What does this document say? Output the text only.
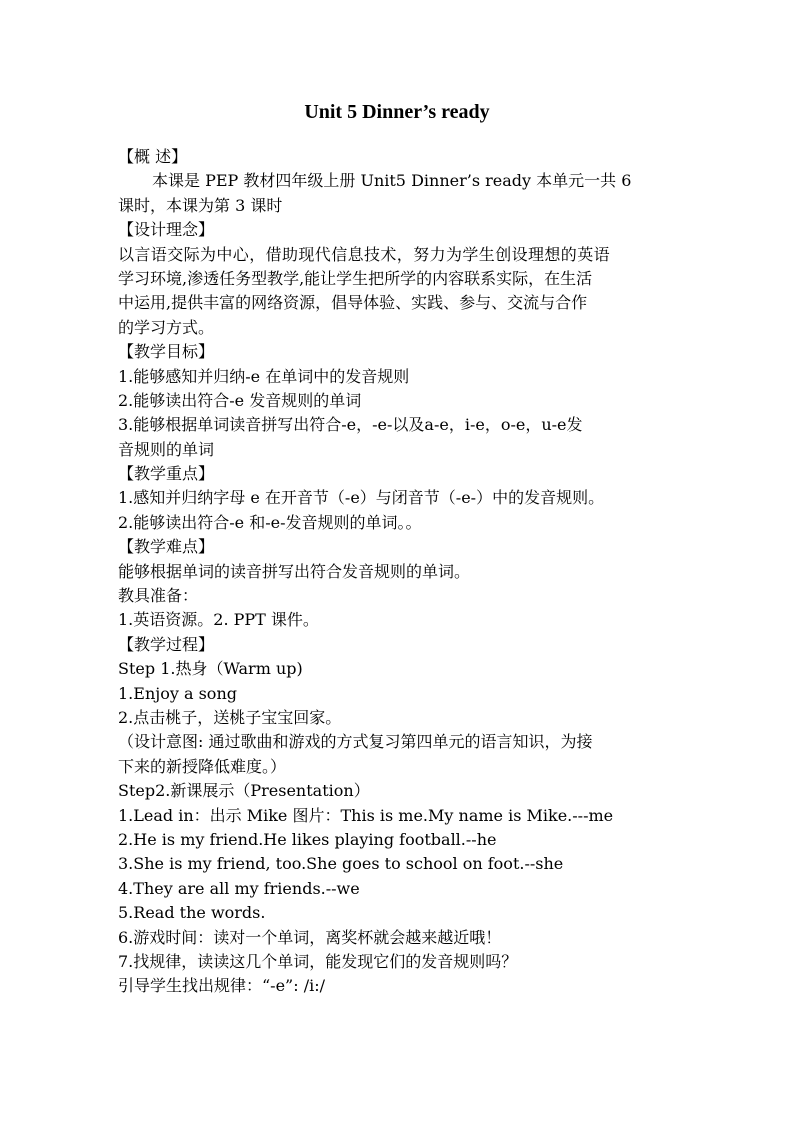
Unit 5 Dinner’s ready
【概 述】
本课是 PEP 教材四年级上册 Unit5 Dinner’s ready 本单元一共 6
课时，本课为第 3 课时
【设计理念】
以言语交际为中心，借助现代信息技术，努力为学生创设理想的英语
学习环境,渗透任务型教学,能让学生把所学的内容联系实际，在生活
中运用,提供丰富的网络资源，倡导体验、实践、参与、交流与合作
的学习方式。
【教学目标】
1.能够感知并归纳-e 在单词中的发音规则
2.能够读出符合-e 发音规则的单词
3.能够根据单词读音拼写出符合-e，-e-以及a-e，i-e，o-e，u-e发
音规则的单词
【教学重点】
1.感知并归纳字母 e 在开音节（-e）与闭音节（-e-）中的发音规则。
2.能够读出符合-e 和-e-发音规则的单词。。
【教学难点】
能够根据单词的读音拼写出符合发音规则的单词。
教具准备：
1.英语资源。2. PPT 课件。
【教学过程】
Step 1.热身（Warm up)
1.Enjoy a song
2.点击桃子，送桃子宝宝回家。
（设计意图: 通过歌曲和游戏的方式复习第四单元的语言知识，为接
下来的新授降低难度。）
Step2.新课展示（Presentation）
1.Lead in：出示 Mike 图片：This is me.My name is Mike.---me
2.He is my friend.He likes playing football.--he
3.She is my friend, too.She goes to school on foot.--she
4.They are all my friends.--we
5.Read the words.
6.游戏时间：读对一个单词，离奖杯就会越来越近哦！
7.找规律，读读这几个单词，能发现它们的发音规则吗？
引导学生找出规律：“-e”: /i:/
